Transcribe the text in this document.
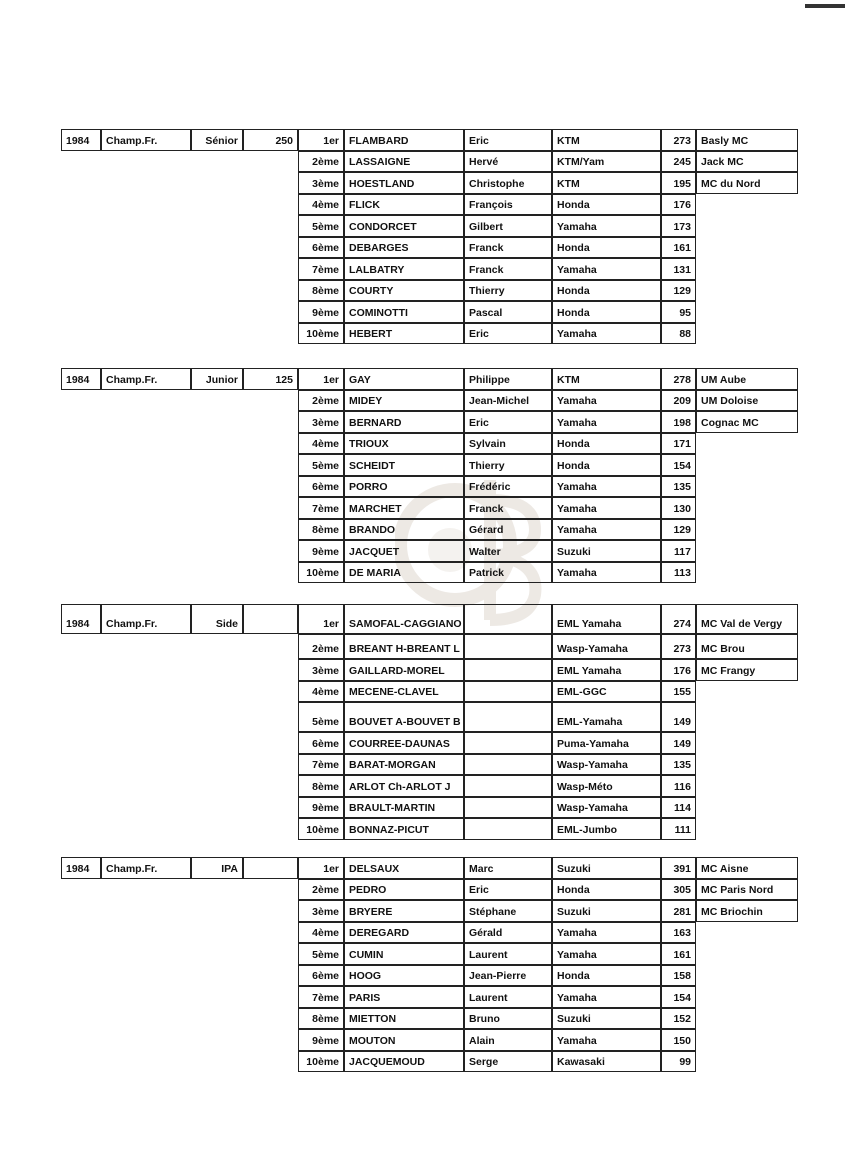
1984	Champ.Fr.	Sénior	250	1er FLAMBARD	Eric	KTM	273 Basly MC
2ème LASSAIGNE	Hervé	KTM/Yam	245 Jack MC
3ème HOESTLAND	Christophe	KTM	195 MC du Nord
4ème FLICK	François	Honda	176
5ème CONDORCET	Gilbert	Yamaha	173
6ème DEBARGES	Franck	Honda	161
7ème LALBATRY	Franck	Yamaha	131
8ème COURTY	Thierry	Honda	129
9ème COMINOTTI	Pascal	Honda	95
10ème HEBERT	Eric	Yamaha	88
1984	Champ.Fr.	Junior	125	1er GAY	Philippe	KTM	278 UM Aube
2ème MIDEY	Jean-Michel	Yamaha	209 UM Doloise
3ème BERNARD	Eric	Yamaha	198 Cognac MC
4ème TRIOUX	Sylvain	Honda	171
5ème SCHEIDT	Thierry	Honda	154
6ème PORRO	Frédéric	Yamaha	135
7ème MARCHET	Franck	Yamaha	130
8ème BRANDO	Gérard	Yamaha	129
9ème JACQUET	Walter	Suzuki	117
10ème DE MARIA	Patrick	Yamaha	113
1984	Champ.Fr.	Side	1er SAMOFAL-CAGGIANO	EML Yamaha	274 MC Val de Vergy
2ème BREANT H-BREANT L	Wasp-Yamaha	273 MC Brou
3ème GAILLARD-MOREL	EML Yamaha	176 MC Frangy
4ème MECENE-CLAVEL	EML-GGC	155
5ème BOUVET A-BOUVET B	EML-Yamaha	149
6ème COURREE-DAUNAS	Puma-Yamaha	149
7ème BARAT-MORGAN	Wasp-Yamaha	135
8ème ARLOT Ch-ARLOT J	Wasp-Méto	116
9ème BRAULT-MARTIN	Wasp-Yamaha	114
10ème BONNAZ-PICUT	EML-Jumbo	111
1984	Champ.Fr.	IPA	1er DELSAUX	Marc	Suzuki	391 MC Aisne
2ème PEDRO	Eric	Honda	305 MC Paris Nord
3ème BRYERE	Stéphane	Suzuki	281 MC Briochin
4ème DEREGARD	Gérald	Yamaha	163
5ème CUMIN	Laurent	Yamaha	161
6ème HOOG	Jean-Pierre	Honda	158
7ème PARIS	Laurent	Yamaha	154
8ème MIETTON	Bruno	Suzuki	152
9ème MOUTON	Alain	Yamaha	150
10ème JACQUEMOUD	Serge	Kawasaki	99
